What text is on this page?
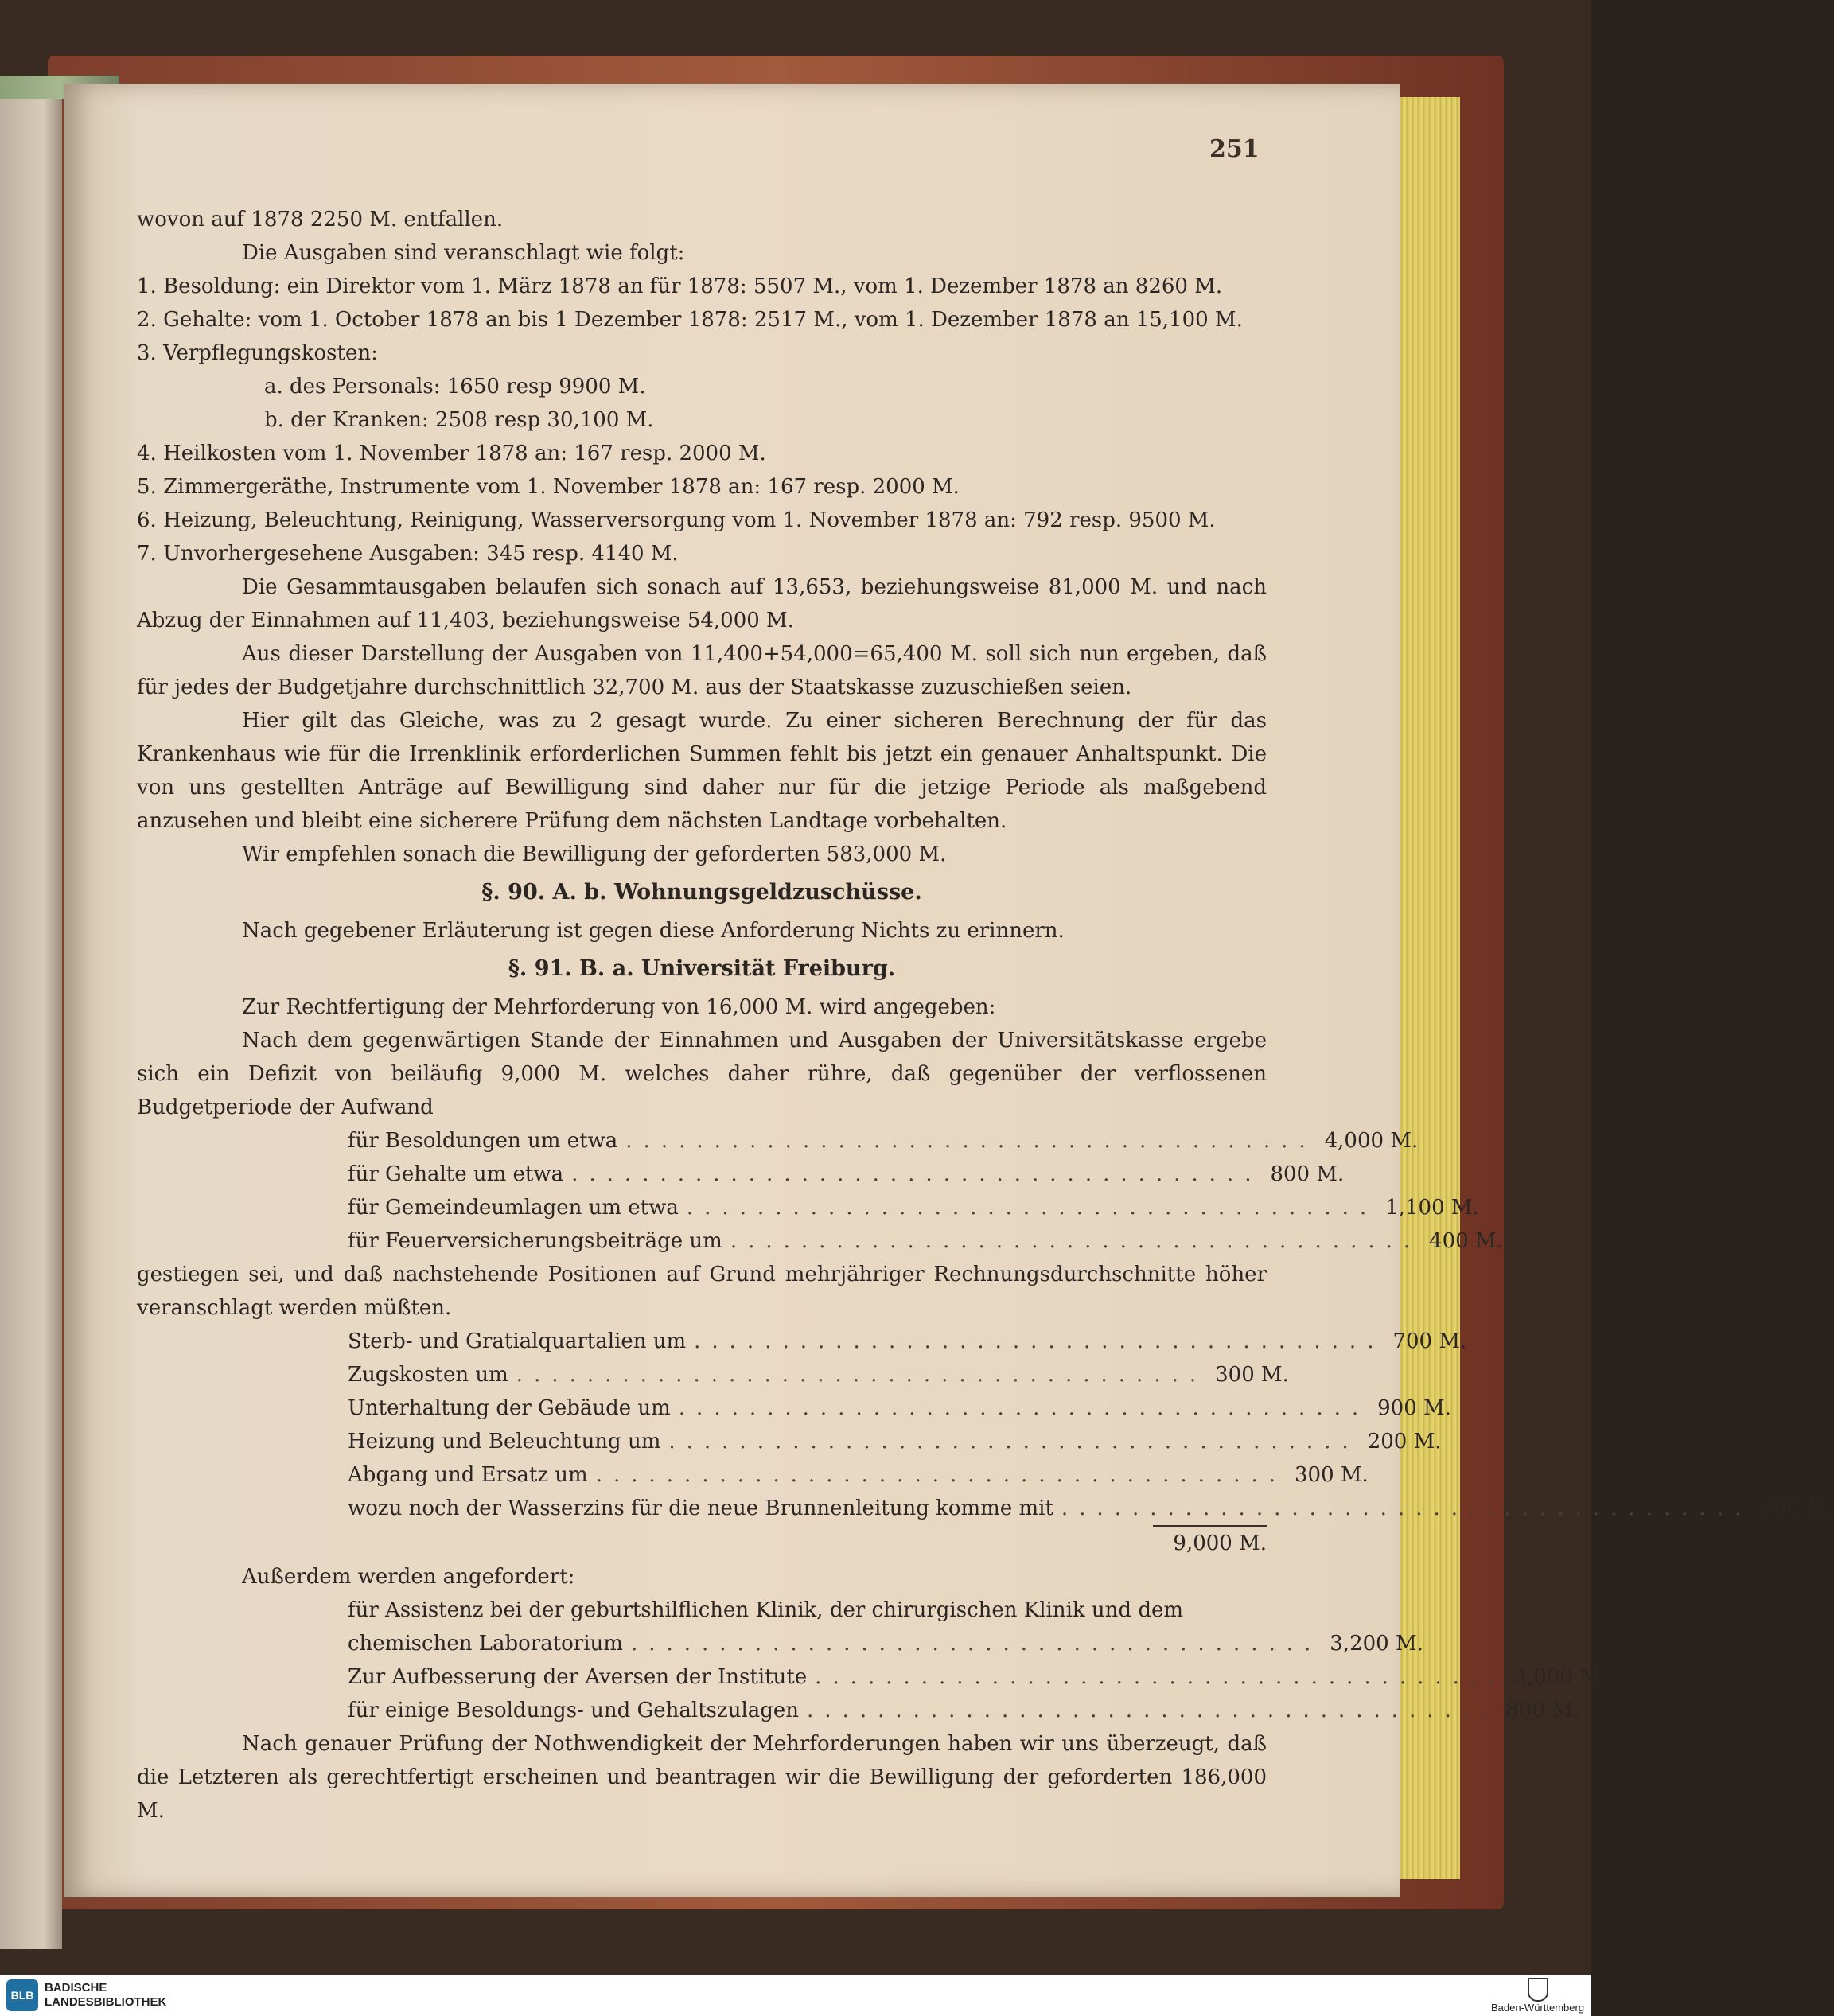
251
wovon auf 1878 2250 M. entfallen.
Die Ausgaben sind veranschlagt wie folgt:
1. Besoldung: ein Direktor vom 1. März 1878 an für 1878: 5507 M., vom 1. Dezember 1878 an 8260 M.
2. Gehalte: vom 1. October 1878 an bis 1 Dezember 1878: 2517 M., vom 1. Dezember 1878 an 15,100 M.
3. Verpflegungskosten:
a. des Personals: 1650 resp 9900 M.
b. der Kranken: 2508 resp 30,100 M.
4. Heilkosten vom 1. November 1878 an: 167 resp. 2000 M.
5. Zimmergeräthe, Instrumente vom 1. November 1878 an: 167 resp. 2000 M.
6. Heizung, Beleuchtung, Reinigung, Wasserversorgung vom 1. November 1878 an: 792 resp. 9500 M.
7. Unvorhergesehene Ausgaben: 345 resp. 4140 M.
Die Gesammtausgaben belaufen sich sonach auf 13,653, beziehungsweise 81,000 M. und nach Abzug der Einnahmen auf 11,403, beziehungsweise 54,000 M.
Aus dieser Darstellung der Ausgaben von 11,400+54,000=65,400 M. soll sich nun ergeben, daß für jedes der Budgetjahre durchschnittlich 32,700 M. aus der Staatskasse zuzuschießen seien.
Hier gilt das Gleiche, was zu 2 gesagt wurde. Zu einer sicheren Berechnung der für das Krankenhaus wie für die Irrenklinik erforderlichen Summen fehlt bis jetzt ein genauer Anhaltspunkt. Die von uns gestellten Anträge auf Bewilligung sind daher nur für die jetzige Periode als maßgebend anzusehen und bleibt eine sicherere Prüfung dem nächsten Landtage vorbehalten.
Wir empfehlen sonach die Bewilligung der geforderten 583,000 M.
§. 90. A. b. Wohnungsgeldzuschüsse.
Nach gegebener Erläuterung ist gegen diese Anforderung Nichts zu erinnern.
§. 91. B. a. Universität Freiburg.
Zur Rechtfertigung der Mehrforderung von 16,000 M. wird angegeben:
Nach dem gegenwärtigen Stande der Einnahmen und Ausgaben der Universitätskasse ergebe sich ein Defizit von beiläufig 9,000 M. welches daher rühre, daß gegenüber der verflossenen Budgetperiode der Aufwand
für Besoldungen um etwa ....................................... 4,000 M.
für Gehalte um etwa ....................................... 800 M.
für Gemeindeumlagen um etwa ....................................... 1,100 M.
für Feuerversicherungsbeiträge um ....................................... 400 M.
gestiegen sei, und daß nachstehende Positionen auf Grund mehrjähriger Rechnungsdurchschnitte höher veranschlagt werden müßten.
Sterb- und Gratialquartalien um ....................................... 700 M.
Zugskosten um ....................................... 300 M.
Unterhaltung der Gebäude um ....................................... 900 M.
Heizung und Beleuchtung um ....................................... 200 M.
Abgang und Ersatz um ....................................... 300 M.
wozu noch der Wasserzins für die neue Brunnenleitung komme mit ....................................... 300 M.
9,000 M.
Außerdem werden angefordert:
für Assistenz bei der geburtshilflichen Klinik, der chirurgischen Klinik und dem
chemischen Laboratorium ....................................... 3,200 M.
Zur Aufbesserung der Aversen der Institute ....................................... 3,000 M.
für einige Besoldungs- und Gehaltszulagen ....................................... 800 M.
Nach genauer Prüfung der Nothwendigkeit der Mehrforderungen haben wir uns überzeugt, daß die Letzteren als gerechtfertigt erscheinen und beantragen wir die Bewilligung der geforderten 186,000 M.
BLB
BADISCHE
LANDESBIBLIOTHEK	Baden-Württemberg
